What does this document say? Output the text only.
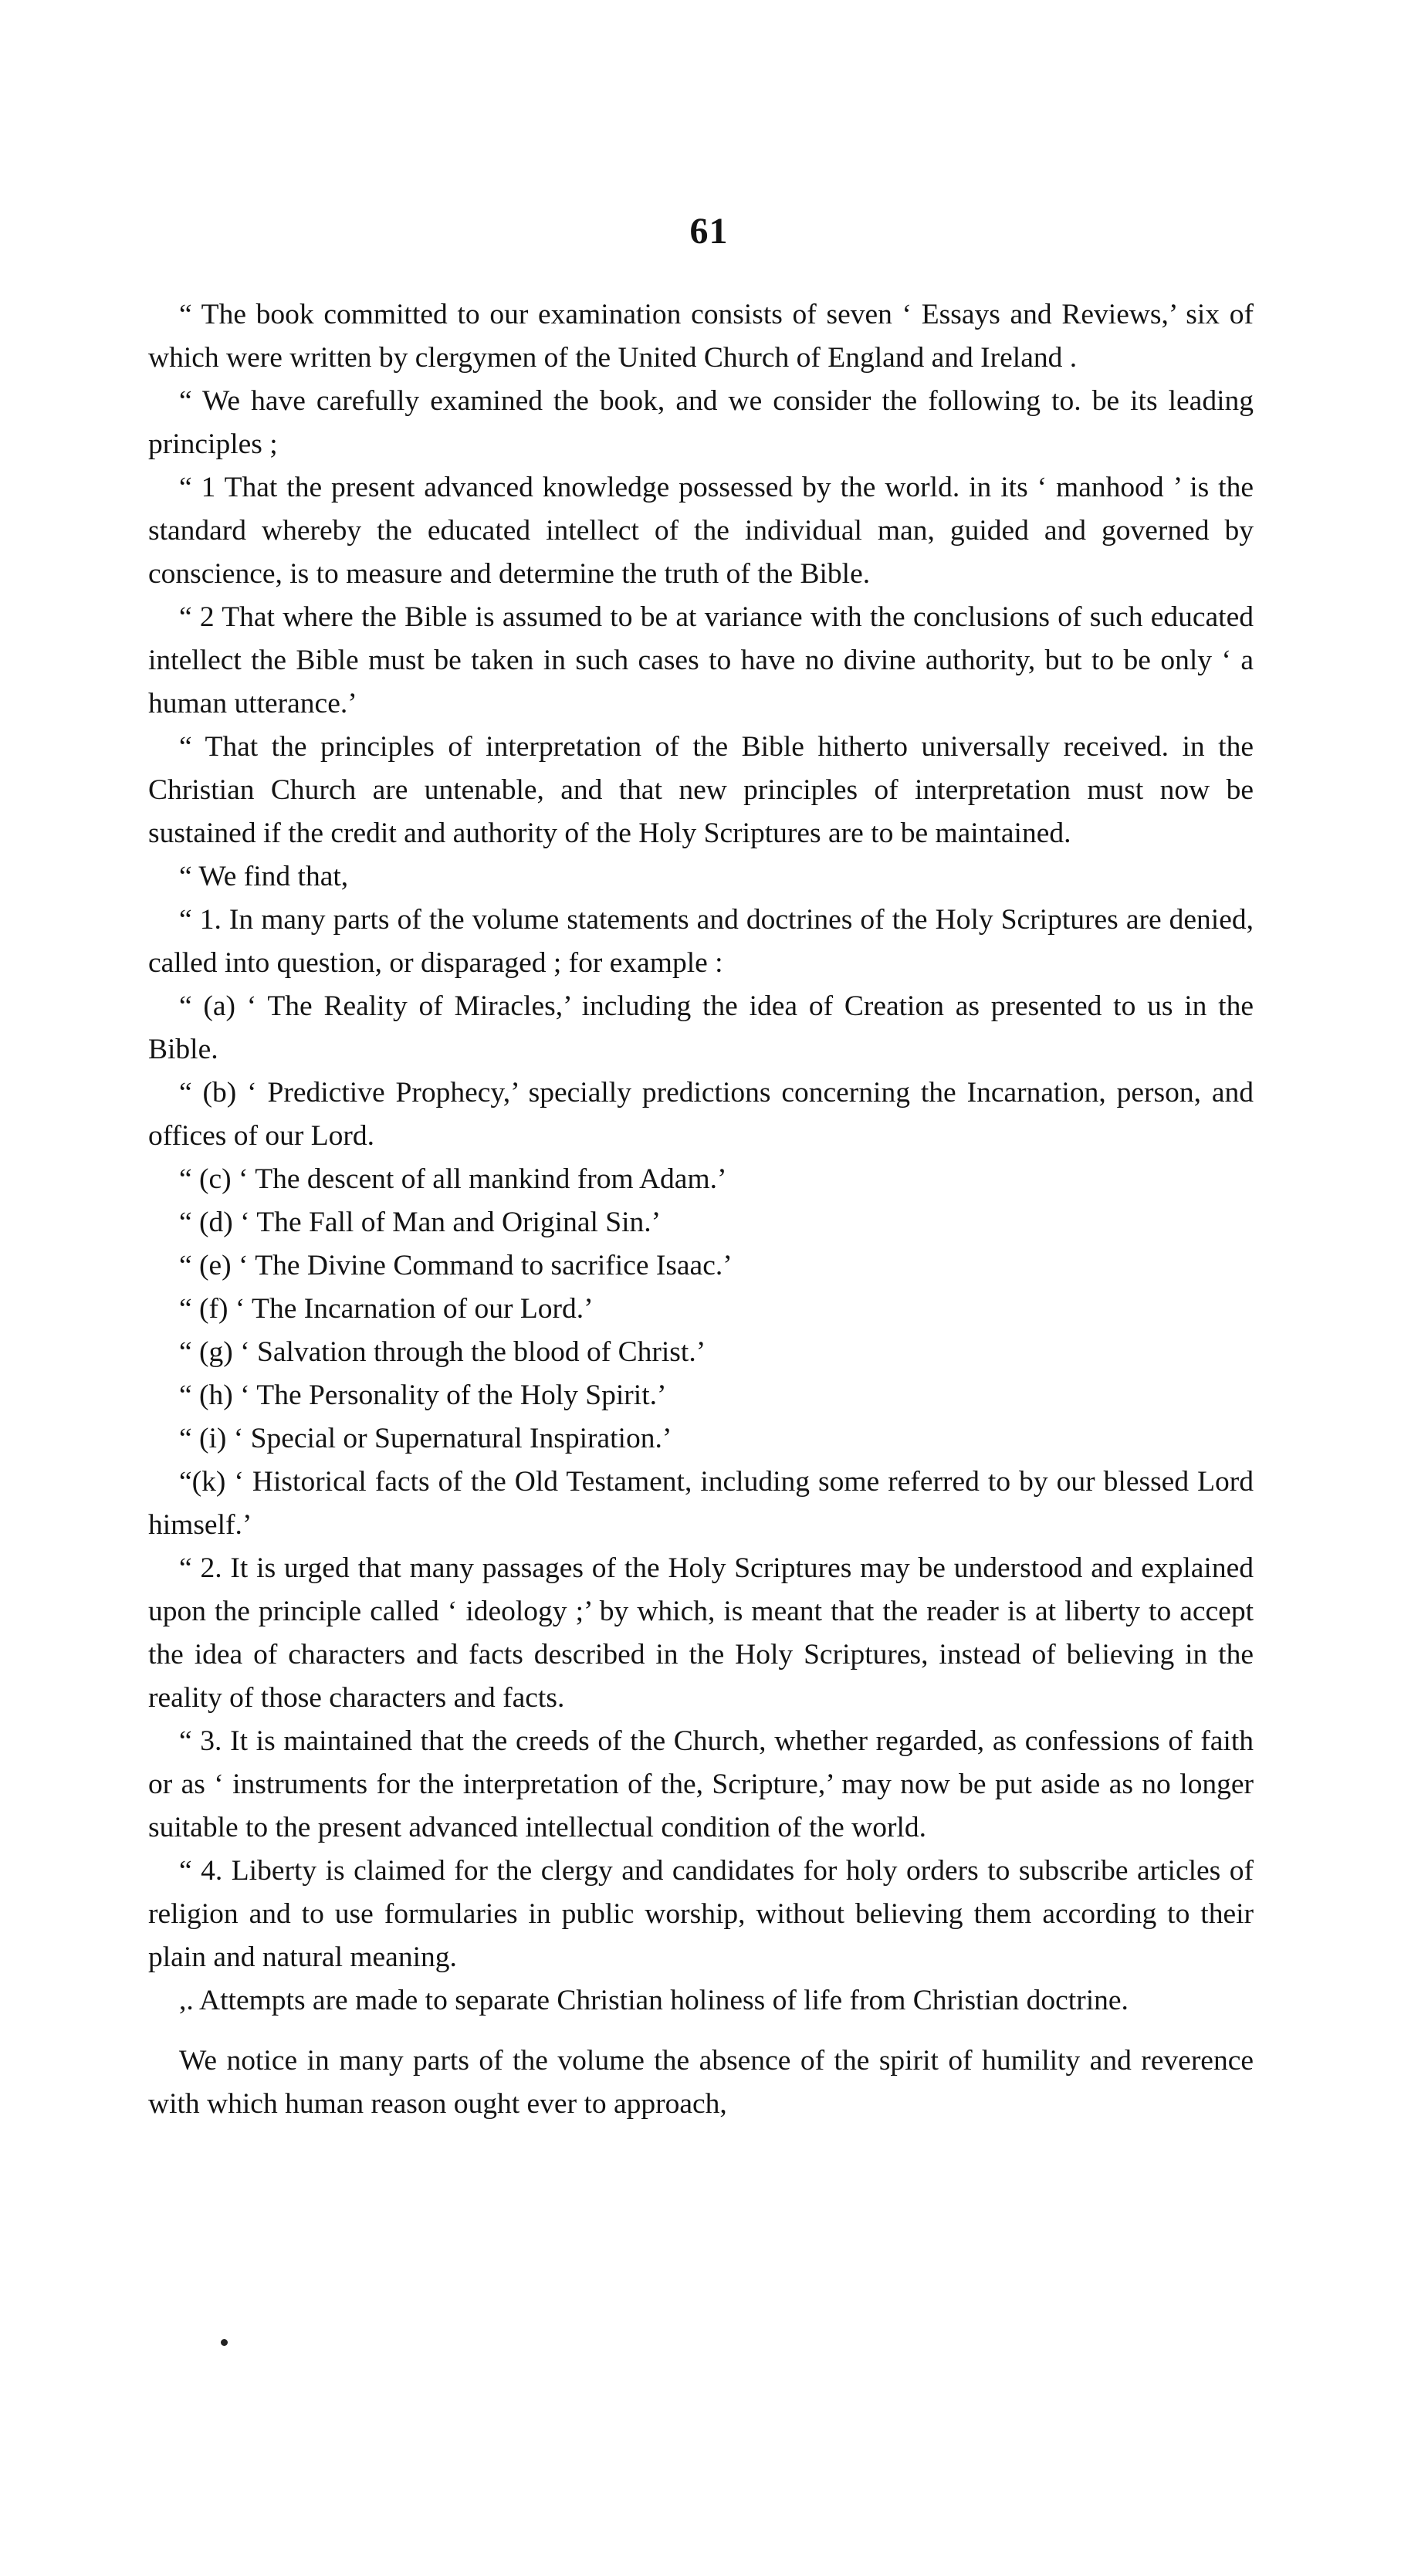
61

“ The book committed to our examination consists of seven ‘ Essays and Reviews,’ six of which were written by clergymen of the United Church of England and Ireland .

“ We have carefully examined the book, and we consider the following to. be its leading principles ;

“ 1 That the present advanced knowledge possessed by the world. in its ‘ manhood ’ is the standard whereby the educated intellect of the individual man, guided and governed by conscience, is to measure and determine the truth of the Bible.

“ 2 That where the Bible is assumed to be at variance with the conclusions of such educated intellect the Bible must be taken in such cases to have no divine authority, but to be only ‘ a human utterance.’

“ That the principles of interpretation of the Bible hitherto universally received. in the Christian Church are untenable, and that new principles of interpretation must now be sustained if the credit and authority of the Holy Scriptures are to be maintained.

“ We find that,

“ 1. In many parts of the volume statements and doctrines of the Holy Scriptures are denied, called into question, or disparaged ; for example :

“ (a) ‘ The Reality of Miracles,’ including the idea of Creation as presented to us in the Bible.

“ (b) ‘ Predictive Prophecy,’ specially predictions concerning the Incarnation, person, and offices of our Lord.

“ (c) ‘ The descent of all mankind from Adam.’

“ (d) ‘ The Fall of Man and Original Sin.’

“ (e) ‘ The Divine Command to sacrifice Isaac.’

“ (f) ‘ The Incarnation of our Lord.’

“ (g) ‘ Salvation through the blood of Christ.’

“ (h) ‘ The Personality of the Holy Spirit.’

“ (i) ‘ Special or Supernatural Inspiration.’

“(k) ‘ Historical facts of the Old Testament, including some referred to by our blessed Lord himself.’

“ 2. It is urged that many passages of the Holy Scriptures may be understood and explained upon the principle called ‘ ideology ;’ by which, is meant that the reader is at liberty to accept the idea of characters and facts described in the Holy Scriptures, instead of believing in the reality of those characters and facts.

“ 3. It is maintained that the creeds of the Church, whether regarded, as confessions of faith or as ‘ instruments for the interpretation of the, Scripture,’ may now be put aside as no longer suitable to the present advanced intellectual condition of the world.

“ 4. Liberty is claimed for the clergy and candidates for holy orders to subscribe articles of religion and to use formularies in public worship, without believing them according to their plain and natural meaning.

,. Attempts are made to separate Christian holiness of life from Christian doctrine.

We notice in many parts of the volume the absence of the spirit of humility and reverence with which human reason ought ever to approach,
